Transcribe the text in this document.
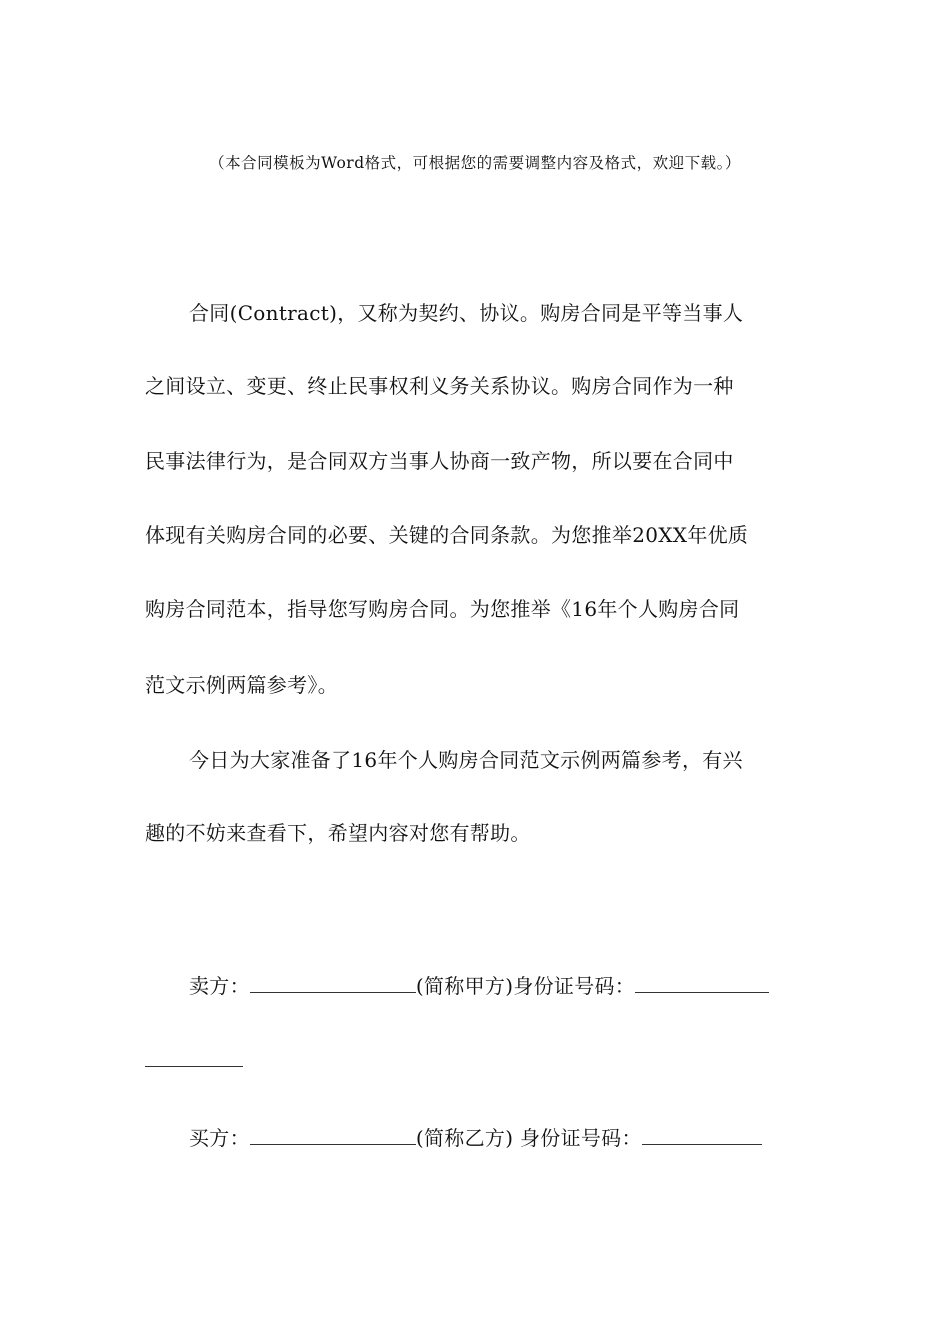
（本合同模板为Word格式，可根据您的需要调整内容及格式，欢迎下载。）
合同(Contract)，又称为契约、协议。购房合同是平等当事人
之间设立、变更、终止民事权利义务关系协议。购房合同作为一种
民事法律行为，是合同双方当事人协商一致产物，所以要在合同中
体现有关购房合同的必要、关键的合同条款。为您推举20XX年优质
购房合同范本，指导您写购房合同。为您推举《16年个人购房合同
范文示例两篇参考》。
今日为大家准备了16年个人购房合同范文示例两篇参考，有兴
趣的不妨来查看下，希望内容对您有帮助。
卖方：	(简称甲方)身份证号码：
买方：	(简称乙方) 身份证号码：
